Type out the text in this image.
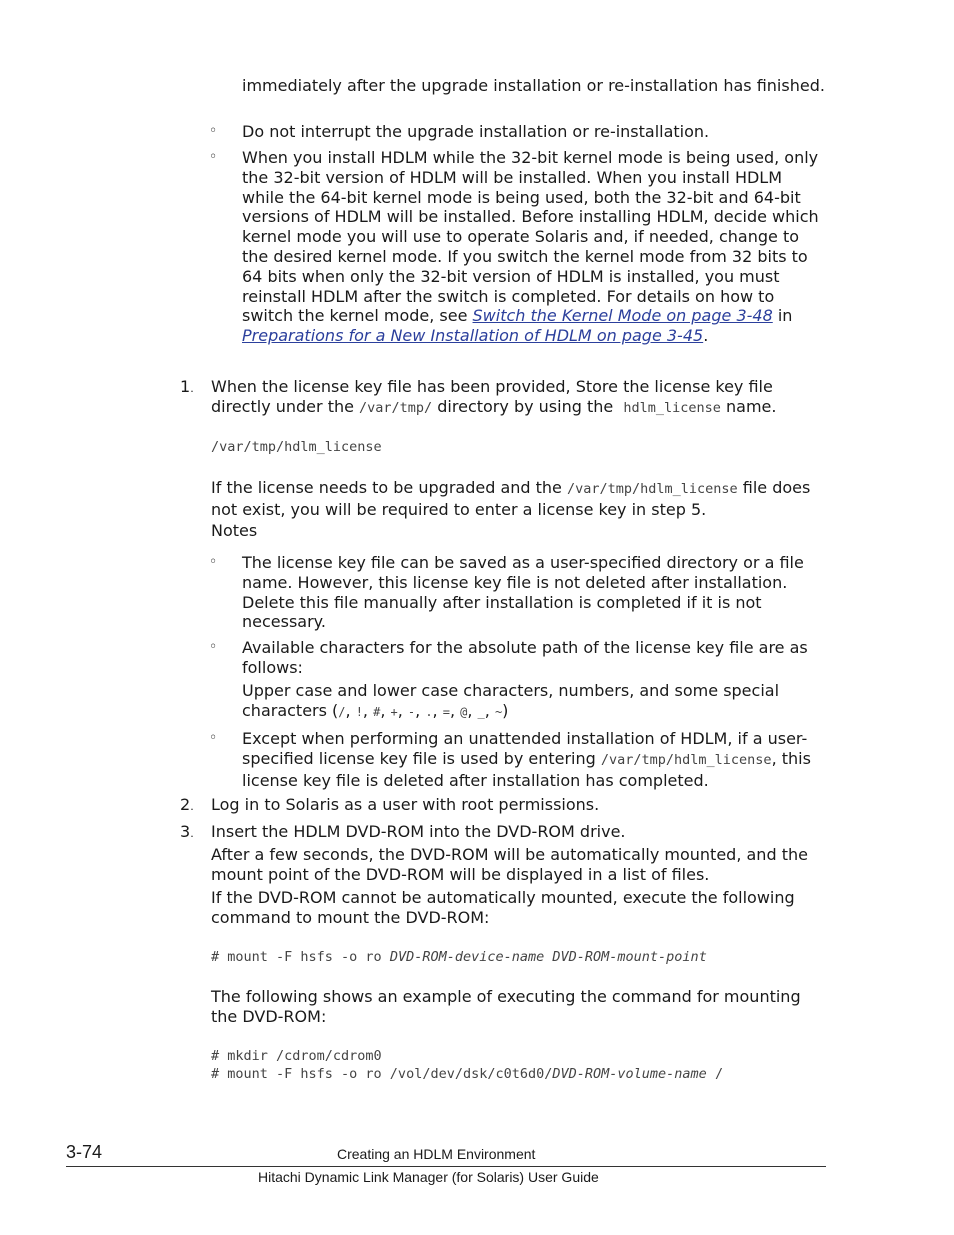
immediately after the upgrade installation or re-installation has finished.

◦ Do not interrupt the upgrade installation or re-installation.

◦ When you install HDLM while the 32-bit kernel mode is being used, only the 32-bit version of HDLM will be installed. When you install HDLM while the 64-bit kernel mode is being used, both the 32-bit and 64-bit versions of HDLM will be installed. Before installing HDLM, decide which kernel mode you will use to operate Solaris and, if needed, change to the desired kernel mode. If you switch the kernel mode from 32 bits to 64 bits when only the 32-bit version of HDLM is installed, you must reinstall HDLM after the switch is completed. For details on how to switch the kernel mode, see Switch the Kernel Mode on page 3-48 in Preparations for a New Installation of HDLM on page 3-45.

1. When the license key file has been provided, Store the license key file directly under the /var/tmp/ directory by using the  hdlm_license name.

/var/tmp/hdlm_license

If the license needs to be upgraded and the /var/tmp/hdlm_license file does not exist, you will be required to enter a license key in step 5.

Notes

◦ The license key file can be saved as a user-specified directory or a file name. However, this license key file is not deleted after installation. Delete this file manually after installation is completed if it is not necessary.

◦ Available characters for the absolute path of the license key file are as follows:

Upper case and lower case characters, numbers, and some special characters (/, !, #, +, -, ., =, @, _, ~)

◦ Except when performing an unattended installation of HDLM, if a user-specified license key file is used by entering /var/tmp/hdlm_license, this license key file is deleted after installation has completed.

2. Log in to Solaris as a user with root permissions.

3. Insert the HDLM DVD-ROM into the DVD-ROM drive.

After a few seconds, the DVD-ROM will be automatically mounted, and the mount point of the DVD-ROM will be displayed in a list of files.

If the DVD-ROM cannot be automatically mounted, execute the following command to mount the DVD-ROM:

# mount -F hsfs -o ro DVD-ROM-device-name DVD-ROM-mount-point

The following shows an example of executing the command for mounting the DVD-ROM:

# mkdir /cdrom/cdrom0
# mount -F hsfs -o ro /vol/dev/dsk/c0t6d0/DVD-ROM-volume-name /
3-74	Creating an HDLM Environment
Hitachi Dynamic Link Manager (for Solaris) User Guide
